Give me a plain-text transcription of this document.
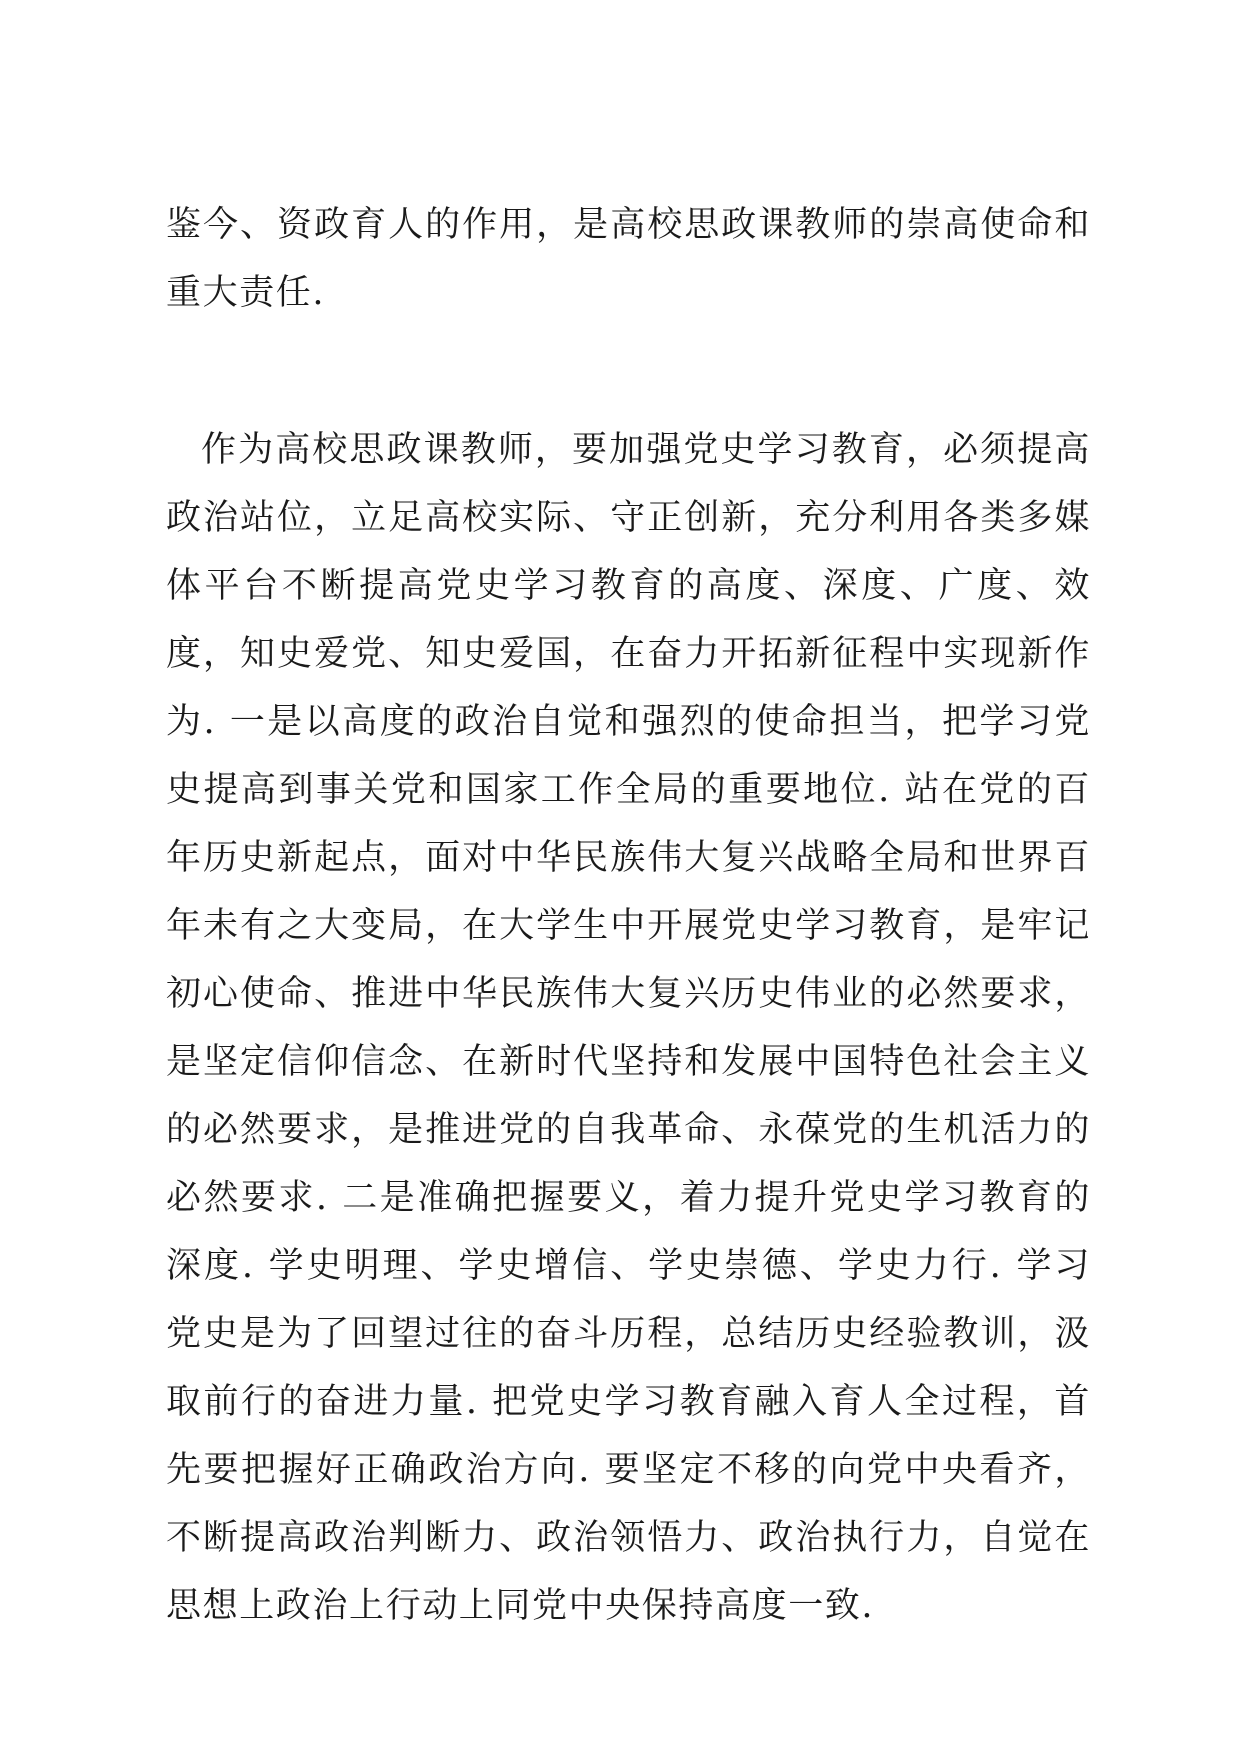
鉴今、资政育人的作用，是高校思政课教师的崇高使命和重大责任.

作为高校思政课教师，要加强党史学习教育，必须提高政治站位，立足高校实际、守正创新，充分利用各类多媒体平台不断提高党史学习教育的高度、深度、广度、效度，知史爱党、知史爱国，在奋力开拓新征程中实现新作为. 一是以高度的政治自觉和强烈的使命担当，把学习党史提高到事关党和国家工作全局的重要地位. 站在党的百年历史新起点，面对中华民族伟大复兴战略全局和世界百年未有之大变局，在大学生中开展党史学习教育，是牢记初心使命、推进中华民族伟大复兴历史伟业的必然要求，是坚定信仰信念、在新时代坚持和发展中国特色社会主义的必然要求，是推进党的自我革命、永葆党的生机活力的必然要求. 二是准确把握要义，着力提升党史学习教育的深度. 学史明理、学史增信、学史崇德、学史力行. 学习党史是为了回望过往的奋斗历程，总结历史经验教训，汲取前行的奋进力量. 把党史学习教育融入育人全过程，首先要把握好正确政治方向. 要坚定不移的向党中央看齐，不断提高政治判断力、政治领悟力、政治执行力，自觉在思想上政治上行动上同党中央保持高度一致.
